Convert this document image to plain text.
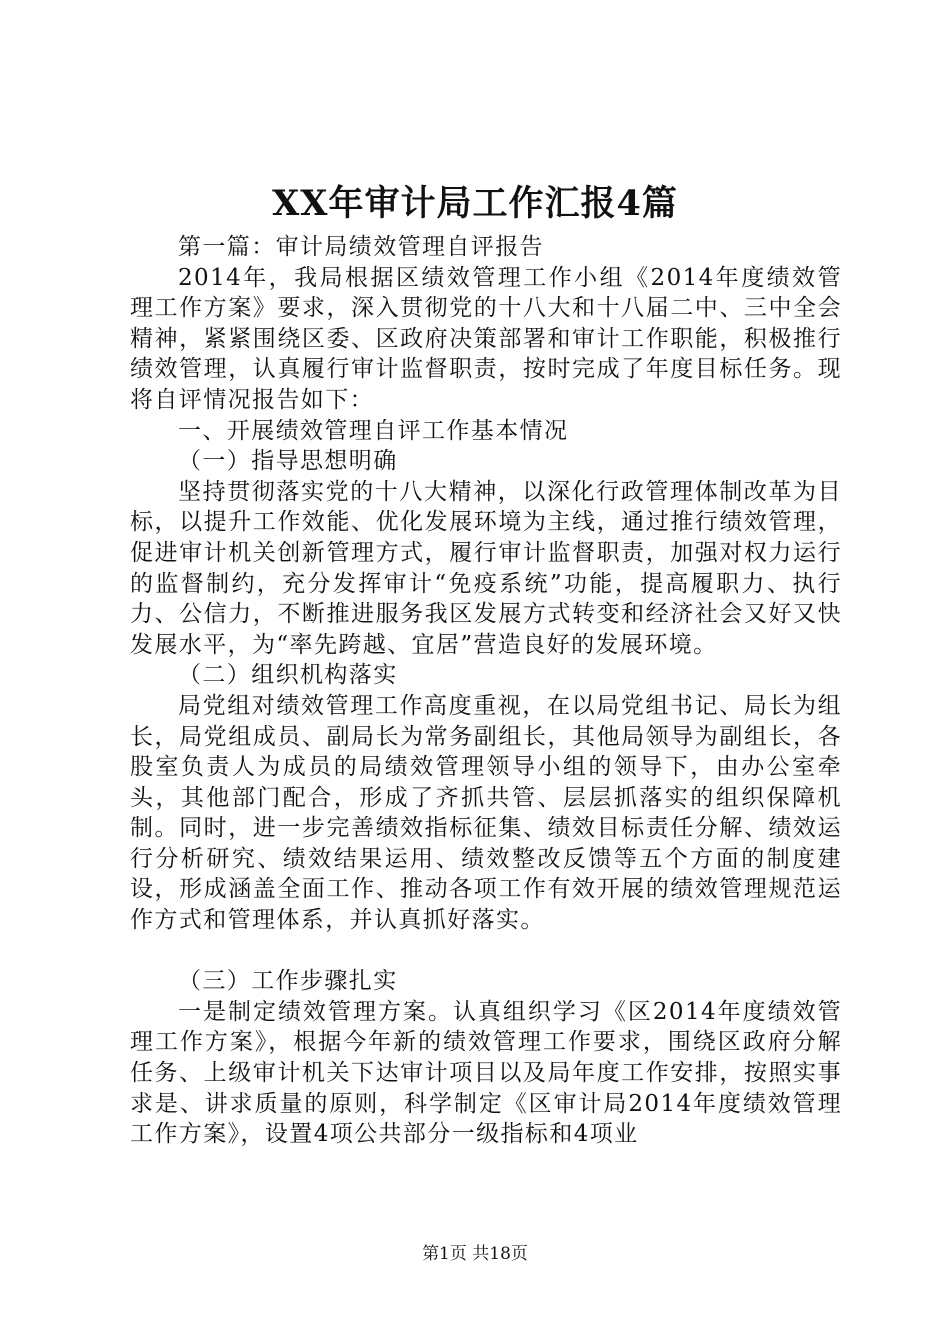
XX年审计局工作汇报4篇

第一篇：审计局绩效管理自评报告

2014年，我局根据区绩效管理工作小组《2014年度绩效管理工作方案》要求，深入贯彻党的十八大和十八届二中、三中全会精神，紧紧围绕区委、区政府决策部署和审计工作职能，积极推行绩效管理，认真履行审计监督职责，按时完成了年度目标任务。现将自评情况报告如下：

一、开展绩效管理自评工作基本情况

（一）指导思想明确

坚持贯彻落实党的十八大精神，以深化行政管理体制改革为目标，以提升工作效能、优化发展环境为主线，通过推行绩效管理，促进审计机关创新管理方式，履行审计监督职责，加强对权力运行的监督制约，充分发挥审计“免疫系统”功能，提高履职力、执行力、公信力，不断推进服务我区发展方式转变和经济社会又好又快发展水平，为“率先跨越、宜居”营造良好的发展环境。

（二）组织机构落实

局党组对绩效管理工作高度重视，在以局党组书记、局长为组长，局党组成员、副局长为常务副组长，其他局领导为副组长，各股室负责人为成员的局绩效管理领导小组的领导下，由办公室牵头，其他部门配合，形成了齐抓共管、层层抓落实的组织保障机制。同时，进一步完善绩效指标征集、绩效目标责任分解、绩效运行分析研究、绩效结果运用、绩效整改反馈等五个方面的制度建设，形成涵盖全面工作、推动各项工作有效开展的绩效管理规范运作方式和管理体系，并认真抓好落实。

（三）工作步骤扎实

一是制定绩效管理方案。认真组织学习《区2014年度绩效管理工作方案》，根据今年新的绩效管理工作要求，围绕区政府分解任务、上级审计机关下达审计项目以及局年度工作安排，按照实事求是、讲求质量的原则，科学制定《区审计局2014年度绩效管理工作方案》，设置4项公共部分一级指标和4项业

第1页 共18页
